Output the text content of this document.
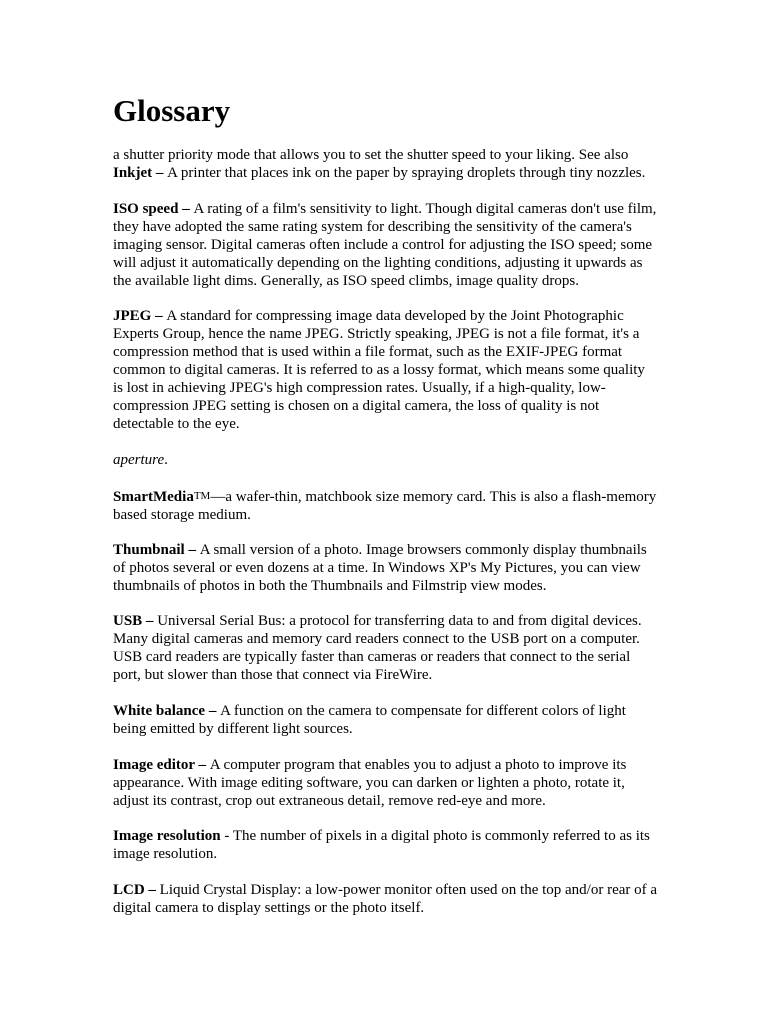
Glossary

a shutter priority mode that allows you to set the shutter speed to your liking. See also
Inkjet – A printer that places ink on the paper by spraying droplets through tiny nozzles.

ISO speed – A rating of a film's sensitivity to light. Though digital cameras don't use film, they have adopted the same rating system for describing the sensitivity of the camera's imaging sensor. Digital cameras often include a control for adjusting the ISO speed; some will adjust it automatically depending on the lighting conditions, adjusting it upwards as the available light dims. Generally, as ISO speed climbs, image quality drops.

JPEG – A standard for compressing image data developed by the Joint Photographic Experts Group, hence the name JPEG. Strictly speaking, JPEG is not a file format, it's a compression method that is used within a file format, such as the EXIF-JPEG format common to digital cameras. It is referred to as a lossy format, which means some quality is lost in achieving JPEG's high compression rates. Usually, if a high-quality, low-compression JPEG setting is chosen on a digital camera, the loss of quality is not detectable to the eye.

aperture.

SmartMediaTM—a wafer-thin, matchbook size memory card. This is also a flash-memory based storage medium.

Thumbnail – A small version of a photo. Image browsers commonly display thumbnails of photos several or even dozens at a time. In Windows XP's My Pictures, you can view thumbnails of photos in both the Thumbnails and Filmstrip view modes.

USB – Universal Serial Bus: a protocol for transferring data to and from digital devices. Many digital cameras and memory card readers connect to the USB port on a computer. USB card readers are typically faster than cameras or readers that connect to the serial port, but slower than those that connect via FireWire.

White balance – A function on the camera to compensate for different colors of light being emitted by different light sources.

Image editor – A computer program that enables you to adjust a photo to improve its appearance. With image editing software, you can darken or lighten a photo, rotate it, adjust its contrast, crop out extraneous detail, remove red-eye and more.

Image resolution - The number of pixels in a digital photo is commonly referred to as its image resolution.

LCD – Liquid Crystal Display: a low-power monitor often used on the top and/or rear of a digital camera to display settings or the photo itself.
